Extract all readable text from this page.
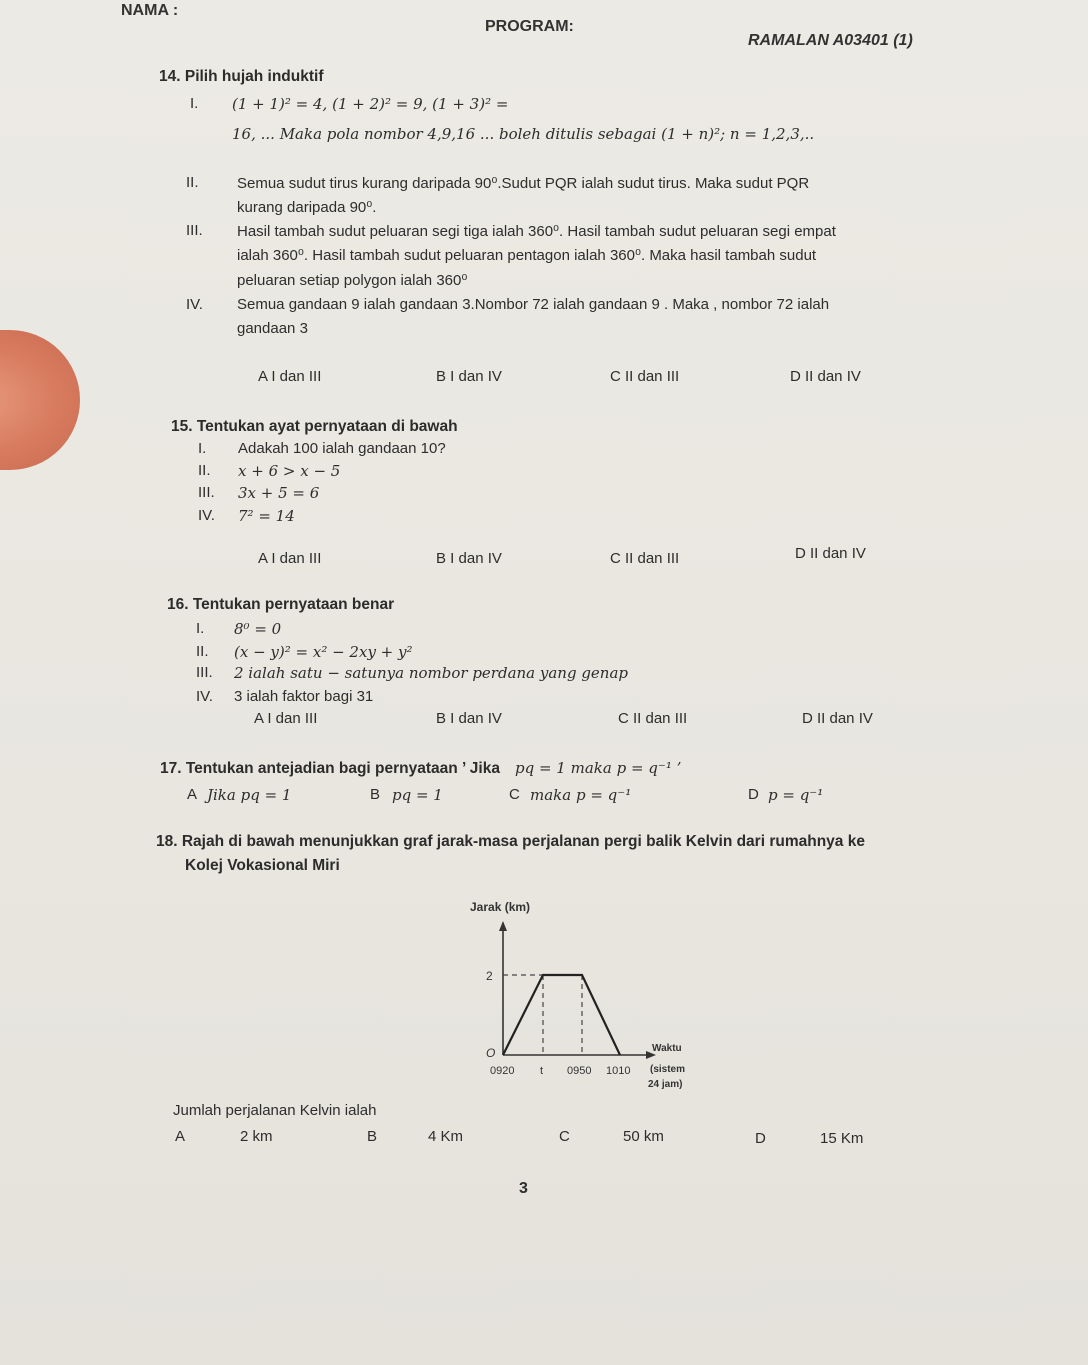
NAMA :
PROGRAM:
RAMALAN A03401 (1)
14. Pilih hujah induktif
I. (1 + 1)² = 4, (1 + 2)² = 9, (1 + 3)² =
16, ... Maka pola nombor 4,9,16 ... boleh ditulis sebagai (1 + n)²; n = 1,2,3,..
II.	Semua sudut tirus kurang daripada 90⁰.Sudut PQR ialah sudut tirus. Maka sudut PQR
kurang daripada 90⁰.
III. Hasil tambah sudut peluaran segi tiga ialah 360⁰. Hasil tambah sudut peluaran segi empat
ialah 360⁰. Hasil tambah sudut peluaran pentagon ialah 360⁰. Maka hasil tambah sudut
peluaran setiap polygon ialah 360⁰
IV. Semua gandaan 9 ialah gandaan 3.Nombor 72 ialah gandaan 9 . Maka , nombor 72 ialah
gandaan 3
A I dan III	B I dan IV	C II dan III	D II dan IV
15. Tentukan ayat pernyataan di bawah
I. Adakah 100 ialah gandaan 10?
II. x + 6 > x − 5
III. 3x + 5 = 6
IV. 7² = 14
A I dan III	B I dan IV	C II dan III	D II dan IV
16. Tentukan pernyataan benar
I. 8⁰ = 0
II. (x − y)² = x² − 2xy + y²
III. 2 ialah satu − satunya nombor perdana yang genap
IV. 3 ialah faktor bagi 31
A I dan III	B I dan IV	C II dan III	D II dan IV
17. Tentukan antejadian bagi pernyataan ’ Jika pq = 1 maka p = q⁻¹ ’
A Jika pq = 1	B pq = 1	C maka p = q⁻¹	D p = q⁻¹
18. Rajah di bawah menunjukkan graf jarak-masa perjalanan pergi balik Kelvin dari rumahnya ke
Kolej Vokasional Miri
Jarak (km)
2
O
0920 t 0950 1010
Waktu
(sistem
24 jam)
Jumlah perjalanan Kelvin ialah
A	2 km	B	4 Km	C	50 km	D	15 Km
3
